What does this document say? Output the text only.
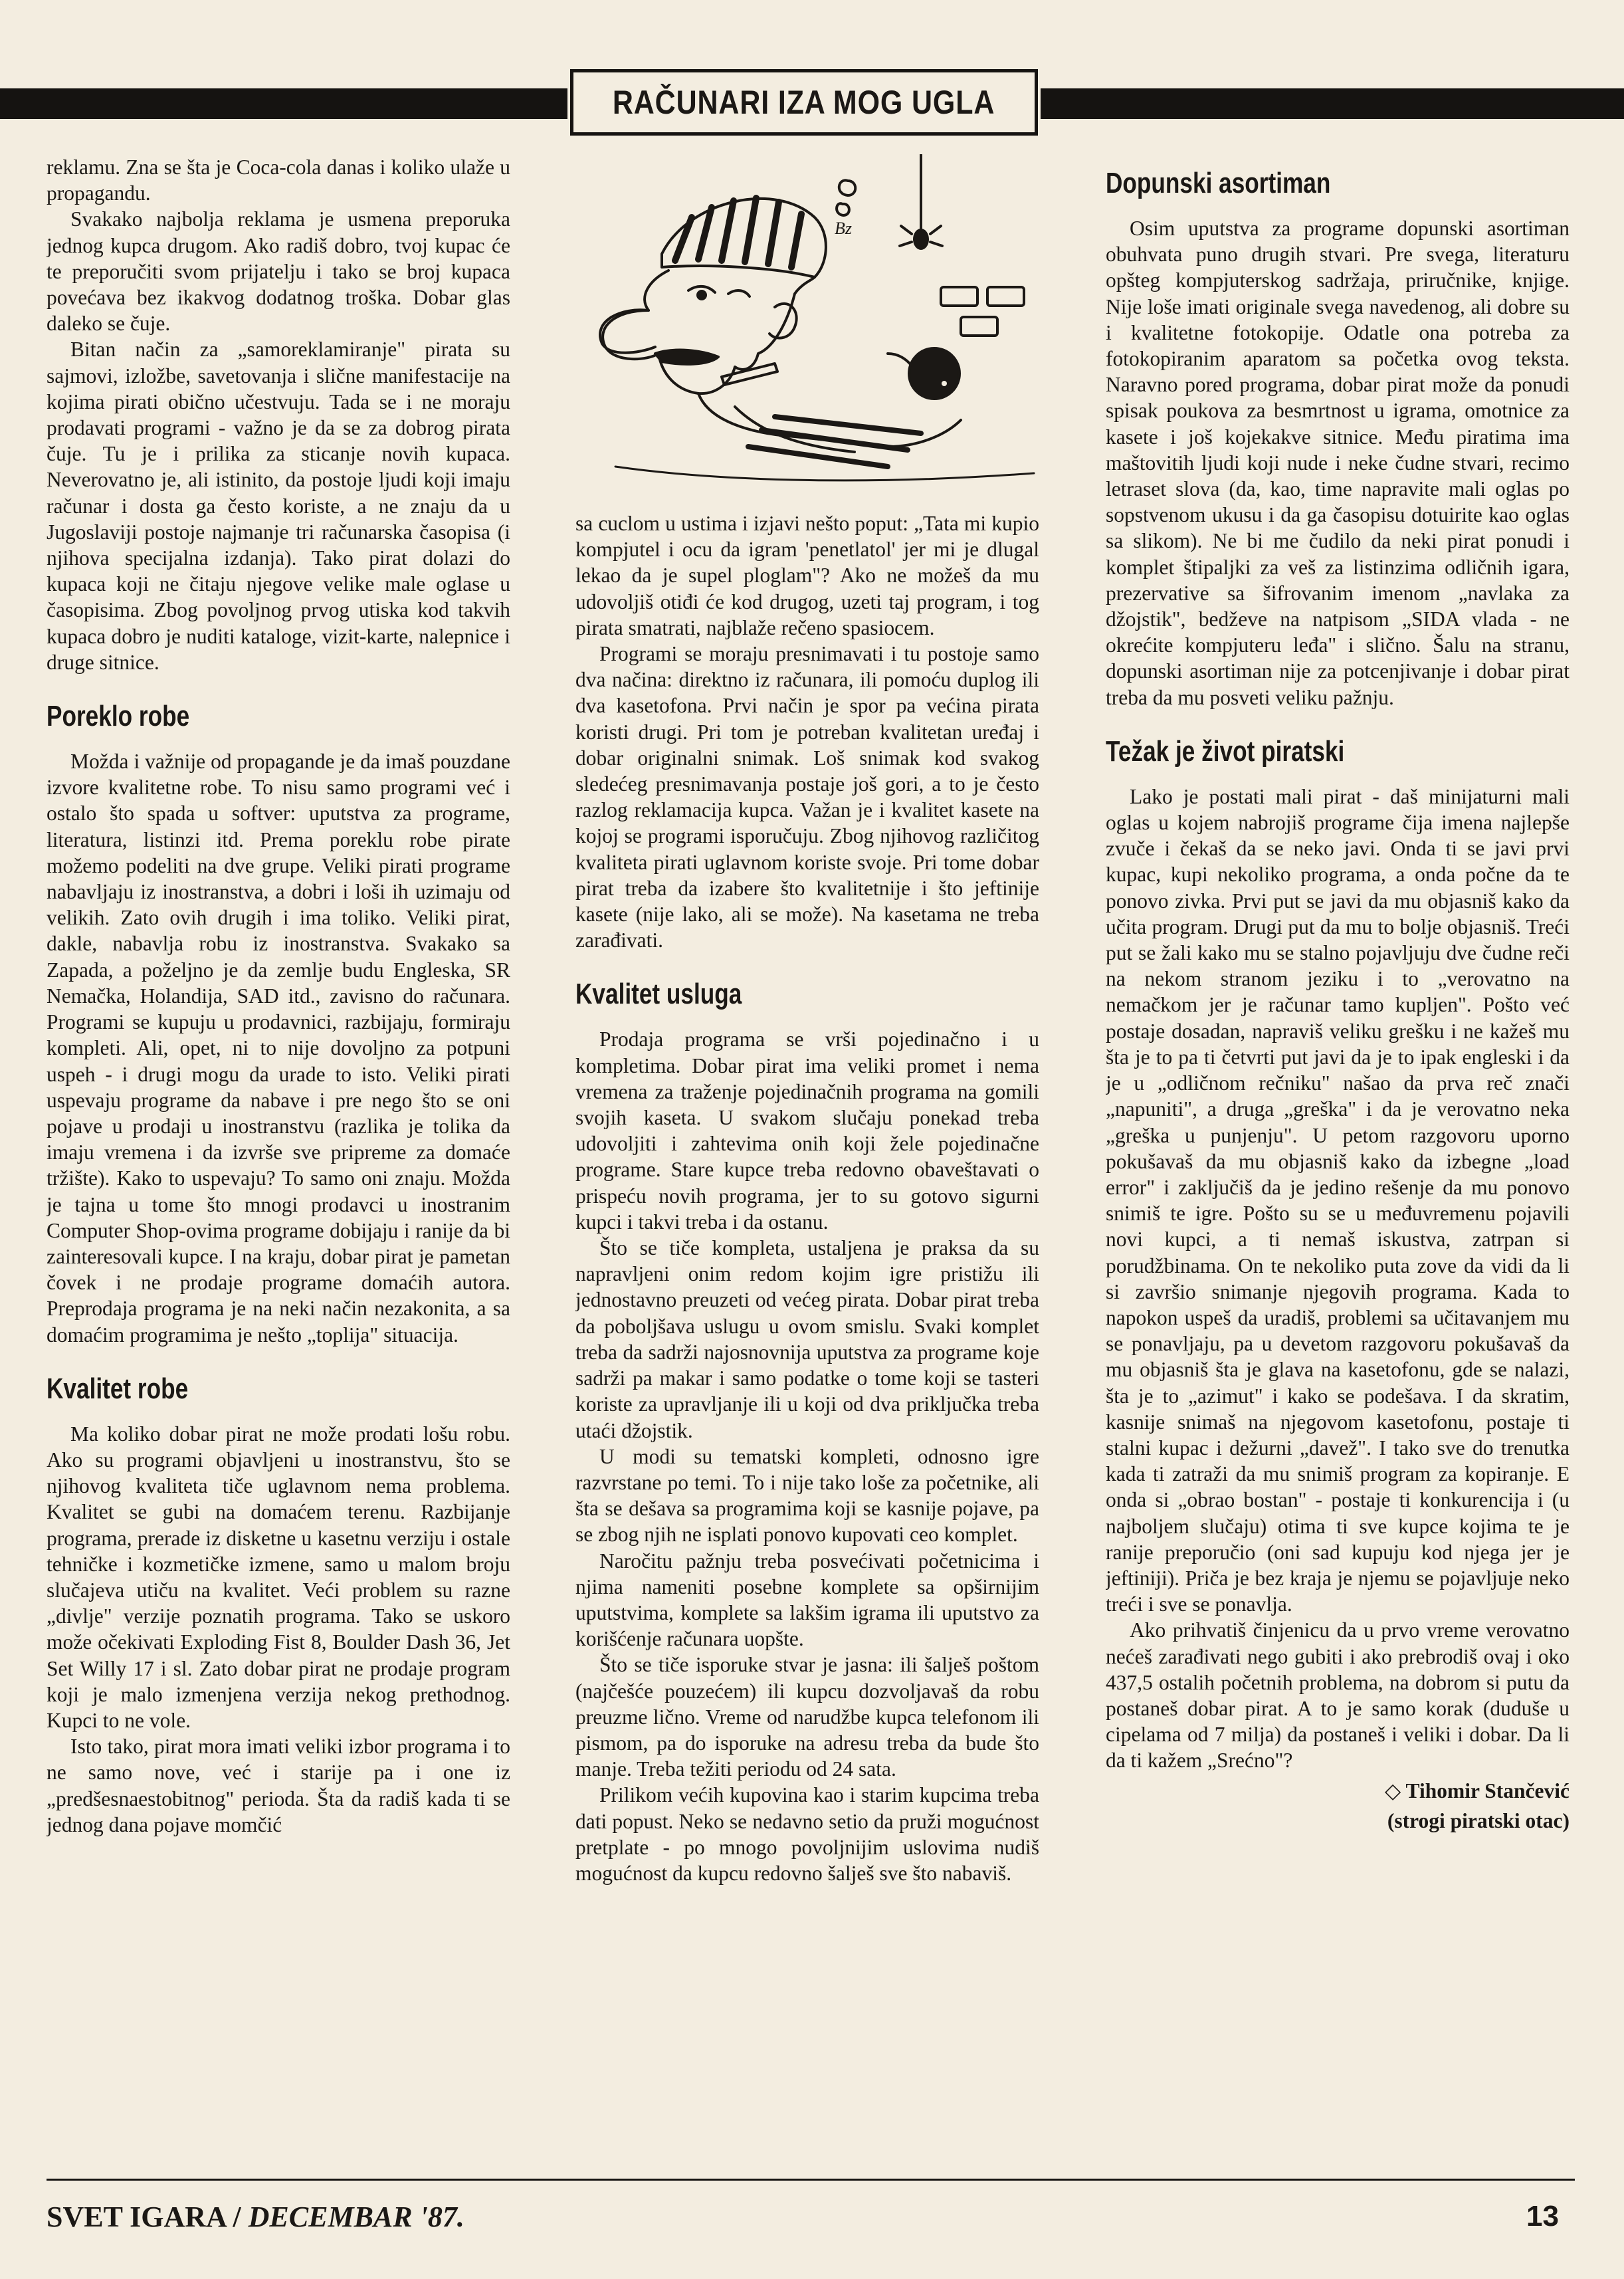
RAČUNARI IZA MOG UGLA

reklamu. Zna se šta je Coca-cola danas i koliko ulaže u propagandu.

Svakako najbolja reklama je usmena preporuka jednog kupca drugom. Ako radiš dobro, tvoj kupac će te preporučiti svom prijatelju i tako se broj kupaca povećava bez ikakvog dodatnog troška. Dobar glas daleko se čuje.

Bitan način za „samoreklamiranje" pirata su sajmovi, izložbe, savetovanja i slične manifestacije na kojima pirati obično učestvuju. Tada se i ne moraju prodavati programi - važno je da se za dobrog pirata čuje. Tu je i prilika za sticanje novih kupaca. Neverovatno je, ali istinito, da postoje ljudi koji imaju računar i dosta ga često koriste, a ne znaju da u Jugoslaviji postoje najmanje tri računarska časopisa (i njihova specijalna izdanja). Tako pirat dolazi do kupaca koji ne čitaju njegove velike male oglase u časopisima. Zbog povoljnog prvog utiska kod takvih kupaca dobro je nuditi kataloge, vizit-karte, nalepnice i druge sitnice.

Poreklo robe

Možda i važnije od propagande je da imaš pouzdane izvore kvalitetne robe. To nisu samo programi već i ostalo što spada u softver: uputstva za programe, literatura, listinzi itd. Prema poreklu robe pirate možemo podeliti na dve grupe. Veliki pirati programe nabavljaju iz inostranstva, a dobri i loši ih uzimaju od velikih. Zato ovih drugih i ima toliko. Veliki pirat, dakle, nabavlja robu iz inostranstva. Svakako sa Zapada, a poželjno je da zemlje budu Engleska, SR Nemačka, Holandija, SAD itd., zavisno do računara. Programi se kupuju u prodavnici, razbijaju, formiraju kompleti. Ali, opet, ni to nije dovoljno za potpuni uspeh - i drugi mogu da urade to isto. Veliki pirati uspevaju programe da nabave i pre nego što se oni pojave u prodaji u inostranstvu (razlika je tolika da imaju vremena i da izvrše sve pripreme za domaće tržište). Kako to uspevaju? To samo oni znaju. Možda je tajna u tome što mnogi prodavci u inostranim Computer Shop-ovima programe dobijaju i ranije da bi zainteresovali kupce. I na kraju, dobar pirat je pametan čovek i ne prodaje programe domaćih autora. Preprodaja programa je na neki način nezakonita, a sa domaćim programima je nešto „toplija" situacija.

Kvalitet robe

Ma koliko dobar pirat ne može prodati lošu robu. Ako su programi objavljeni u inostranstvu, što se njihovog kvaliteta tiče uglavnom nema problema. Kvalitet se gubi na domaćem terenu. Razbijanje programa, prerade iz disketne u kasetnu verziju i ostale tehničke i kozmetičke izmene, samo u malom broju slučajeva utiču na kvalitet. Veći problem su razne „divlje" verzije poznatih programa. Tako se uskoro može očekivati Exploding Fist 8, Boulder Dash 36, Jet Set Willy 17 i sl. Zato dobar pirat ne prodaje program koji je malo izmenjena verzija nekog prethodnog. Kupci to ne vole.

Isto tako, pirat mora imati veliki izbor programa i to ne samo nove, već i starije pa i one iz „predšesnaestobitnog" perioda. Šta da radiš kada ti se jednog dana pojave momčić

Bz

sa cuclom u ustima i izjavi nešto poput: „Tata mi kupio kompjutel i ocu da igram 'penetlatol' jer mi je dlugal lekao da je supel ploglam"? Ako ne možeš da mu udovoljiš otiđi će kod drugog, uzeti taj program, i tog pirata smatrati, najblaže rečeno spasiocem.

Programi se moraju presnimavati i tu postoje samo dva načina: direktno iz računara, ili pomoću duplog ili dva kasetofona. Prvi način je spor pa većina pirata koristi drugi. Pri tom je potreban kvalitetan uređaj i dobar originalni snimak. Loš snimak kod svakog sledećeg presnimavanja postaje još gori, a to je često razlog reklamacija kupca. Važan je i kvalitet kasete na kojoj se programi isporučuju. Zbog njihovog različitog kvaliteta pirati uglavnom koriste svoje. Pri tome dobar pirat treba da izabere što kvalitetnije i što jeftinije kasete (nije lako, ali se može). Na kasetama ne treba zarađivati.

Kvalitet usluga

Prodaja programa se vrši pojedinačno i u kompletima. Dobar pirat ima veliki promet i nema vremena za traženje pojedinačnih programa na gomili svojih kaseta. U svakom slučaju ponekad treba udovoljiti i zahtevima onih koji žele pojedinačne programe. Stare kupce treba redovno obaveštavati o prispeću novih programa, jer to su gotovo sigurni kupci i takvi treba i da ostanu.

Što se tiče kompleta, ustaljena je praksa da su napravljeni onim redom kojim igre pristižu ili jednostavno preuzeti od većeg pirata. Dobar pirat treba da poboljšava uslugu u ovom smislu. Svaki komplet treba da sadrži najosnovnija uputstva za programe koje sadrži pa makar i samo podatke o tome koji se tasteri koriste za upravljanje ili u koji od dva priključka treba utaći džojstik.

U modi su tematski kompleti, odnosno igre razvrstane po temi. To i nije tako loše za početnike, ali šta se dešava sa programima koji se kasnije pojave, pa se zbog njih ne isplati ponovo kupovati ceo komplet.

Naročitu pažnju treba posvećivati početnicima i njima nameniti posebne komplete sa opširnijim uputstvima, komplete sa lakšim igrama ili uputstvo za korišćenje računara uopšte.

Što se tiče isporuke stvar je jasna: ili šalješ poštom (najčešće pouzećem) ili kupcu dozvoljavaš da robu preuzme lično. Vreme od narudžbe kupca telefonom ili pismom, pa do isporuke na adresu treba da bude što manje. Treba težiti periodu od 24 sata.

Prilikom većih kupovina kao i starim kupcima treba dati popust. Neko se nedavno setio da pruži mogućnost pretplate - po mnogo povoljnijim uslovima nudiš mogućnost da kupcu redovno šalješ sve što nabaviš.

Dopunski asortiman

Osim uputstva za programe dopunski asortiman obuhvata puno drugih stvari. Pre svega, literaturu opšteg kompjuterskog sadržaja, priručnike, knjige. Nije loše imati originale svega navedenog, ali dobre su i kvalitetne fotokopije. Odatle ona potreba za fotokopiranim aparatom sa početka ovog teksta. Naravno pored programa, dobar pirat može da ponudi spisak poukova za besmrtnost u igrama, omotnice za kasete i još kojekakve sitnice. Među piratima ima maštovitih ljudi koji nude i neke čudne stvari, recimo letraset slova (da, kao, time napravite mali oglas po sopstvenom ukusu i da ga časopisu dotuirite kao oglas sa slikom). Ne bi me čudilo da neki pirat ponudi i komplet štipaljki za veš za listinzima odličnih igara, prezervative sa šifrovanim imenom „navlaka za džojstik", bedževe na natpisom „SIDA vlada - ne okrećite kompjuteru leđa" i slično. Šalu na stranu, dopunski asortiman nije za potcenjivanje i dobar pirat treba da mu posveti veliku pažnju.

Težak je život piratski

Lako je postati mali pirat - daš minijaturni mali oglas u kojem nabrojiš programe čija imena najlepše zvuče i čekaš da se neko javi. Onda ti se javi prvi kupac, kupi nekoliko programa, a onda počne da te ponovo zivka. Prvi put se javi da mu objasniš kako da učita program. Drugi put da mu to bolje objasniš. Treći put se žali kako mu se stalno pojavljuju dve čudne reči na nekom stranom jeziku i to „verovatno na nemačkom jer je računar tamo kupljen". Pošto već postaje dosadan, napraviš veliku grešku i ne kažeš mu šta je to pa ti četvrti put javi da je to ipak engleski i da je u „odličnom rečniku" našao da prva reč znači „napuniti", a druga „greška" i da je verovatno neka „greška u punjenju". U petom razgovoru uporno pokušavaš da mu objasniš kako da izbegne „load error" i zaključiš da je jedino rešenje da mu ponovo snimiš te igre. Pošto su se u međuvremenu pojavili novi kupci, a ti nemaš iskustva, zatrpan si porudžbinama. On te nekoliko puta zove da vidi da li si završio snimanje njegovih programa. Kada to napokon uspeš da uradiš, problemi sa učitavanjem mu se ponavljaju, pa u devetom razgovoru pokušavaš da mu objasniš šta je glava na kasetofonu, gde se nalazi, šta je to „azimut" i kako se podešava. I da skratim, kasnije snimaš na njegovom kasetofonu, postaje ti stalni kupac i dežurni „davež". I tako sve do trenutka kada ti zatraži da mu snimiš program za kopiranje. E onda si „obrao bostan" - postaje ti konkurencija i (u najboljem slučaju) otima ti sve kupce kojima te je ranije preporučio (oni sad kupuju kod njega jer je jeftiniji). Priča je bez kraja je njemu se pojavljuje neko treći i sve se ponavlja.

Ako prihvatiš činjenicu da u prvo vreme verovatno nećeš zarađivati nego gubiti i ako prebrodiš ovaj i oko 437,5 ostalih početnih problema, na dobrom si putu da postaneš dobar pirat. A to je samo korak (duduše u cipelama od 7 milja) da postaneš i veliki i dobar. Da li da ti kažem „Srećno"?

◇ Tihomir Stančević
(strogi piratski otac)
SVET IGARA / DECEMBAR '87.	13
